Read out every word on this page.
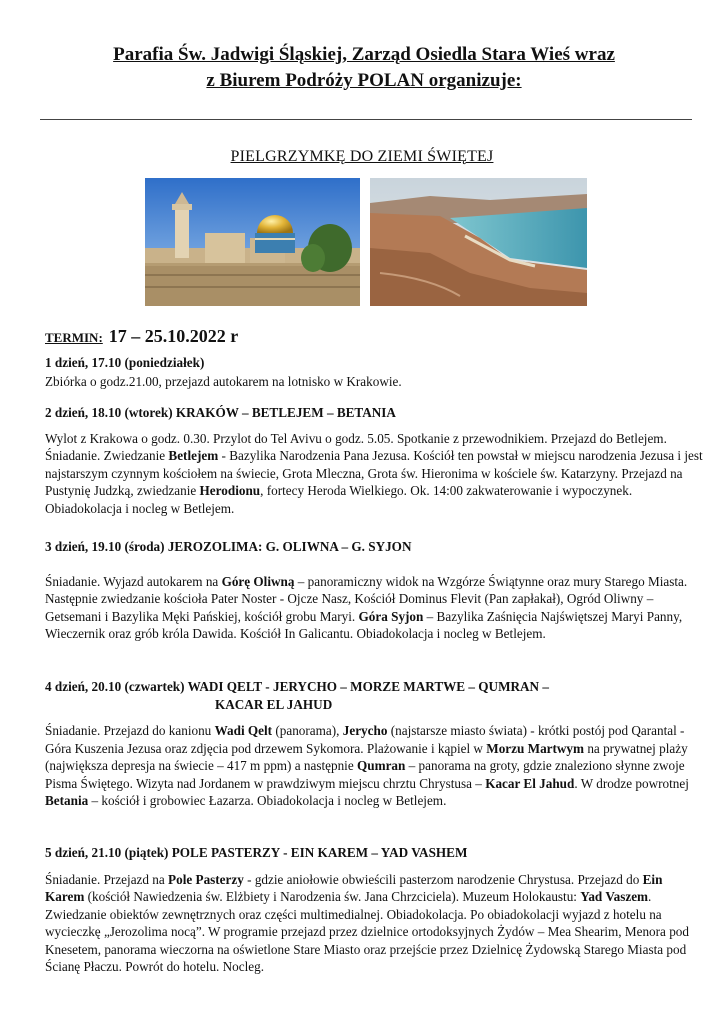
Parafia Św. Jadwigi Śląskiej, Zarząd Osiedla Stara Wieś wraz
z Biurem Podróży POLAN organizuje:
PIELGRZYMKĘ DO ZIEMI ŚWIĘTEJ
TERMIN: 17 – 25.10.2022 r
1 dzień, 17.10 (poniedziałek)

Zbiórka o godz.21.00, przejazd autokarem na lotnisko w Krakowie.

2 dzień, 18.10 (wtorek) KRAKÓW – BETLEJEM – BETANIA

Wylot z Krakowa o godz. 0.30. Przylot do Tel Avivu o godz. 5.05. Spotkanie z przewodnikiem. Przejazd do Betlejem. Śniadanie. Zwiedzanie Betlejem - Bazylika Narodzenia Pana Jezusa. Kościół ten powstał w miejscu narodzenia Jezusa i jest najstarszym czynnym kościołem na świecie, Grota Mleczna, Grota św. Hieronima w kościele św. Katarzyny. Przejazd na Pustynię Judzką, zwiedzanie Herodionu, fortecy Heroda Wielkiego. Ok. 14:00 zakwaterowanie i wypoczynek. Obiadokolacja i nocleg w Betlejem.

3 dzień, 19.10 (środa) JEROZOLIMA: G. OLIWNA – G. SYJON

Śniadanie. Wyjazd autokarem na Górę Oliwną – panoramiczny widok na Wzgórze Świątynne oraz mury Starego Miasta. Następnie zwiedzanie kościoła Pater Noster - Ojcze Nasz, Kościół Dominus Flevit (Pan zapłakał), Ogród Oliwny – Getsemani i Bazylika Męki Pańskiej, kościół grobu Maryi. Góra Syjon – Bazylika Zaśnięcia Najświętszej Maryi Panny, Wieczernik oraz grób króla Dawida. Kościół In Galicantu. Obiadokolacja i nocleg w Betlejem.

4 dzień, 20.10 (czwartek) WADI QELT - JERYCHO – MORZE MARTWE – QUMRAN –
KACAR EL JAHUD

Śniadanie. Przejazd do kanionu Wadi Qelt (panorama), Jerycho (najstarsze miasto świata) - krótki postój pod Qarantal - Góra Kuszenia Jezusa oraz zdjęcia pod drzewem Sykomora. Plażowanie i kąpiel w Morzu Martwym na prywatnej plaży (największa depresja na świecie – 417 m ppm) a następnie Qumran – panorama na groty, gdzie znaleziono słynne zwoje Pisma Świętego. Wizyta nad Jordanem w prawdziwym miejscu chrztu Chrystusa – Kacar El Jahud. W drodze powrotnej Betania – kościół i grobowiec Łazarza. Obiadokolacja i nocleg w Betlejem.

5 dzień, 21.10 (piątek) POLE PASTERZY - EIN KAREM – YAD VASHEM

Śniadanie. Przejazd na Pole Pasterzy - gdzie aniołowie obwieścili pasterzom narodzenie Chrystusa. Przejazd do Ein Karem (kościół Nawiedzenia św. Elżbiety i Narodzenia św. Jana Chrzciciela). Muzeum Holokaustu: Yad Vaszem. Zwiedzanie obiektów zewnętrznych oraz części multimedialnej. Obiadokolacja. Po obiadokolacji wyjazd z hotelu na wycieczkę „Jerozolima nocą”. W programie przejazd przez dzielnice ortodoksyjnych Żydów – Mea Shearim, Menora pod Knesetem, panorama wieczorna na oświetlone Stare Miasto oraz przejście przez Dzielnicę Żydowską Starego Miasta pod Ścianę Płaczu. Powrót do hotelu. Nocleg.
